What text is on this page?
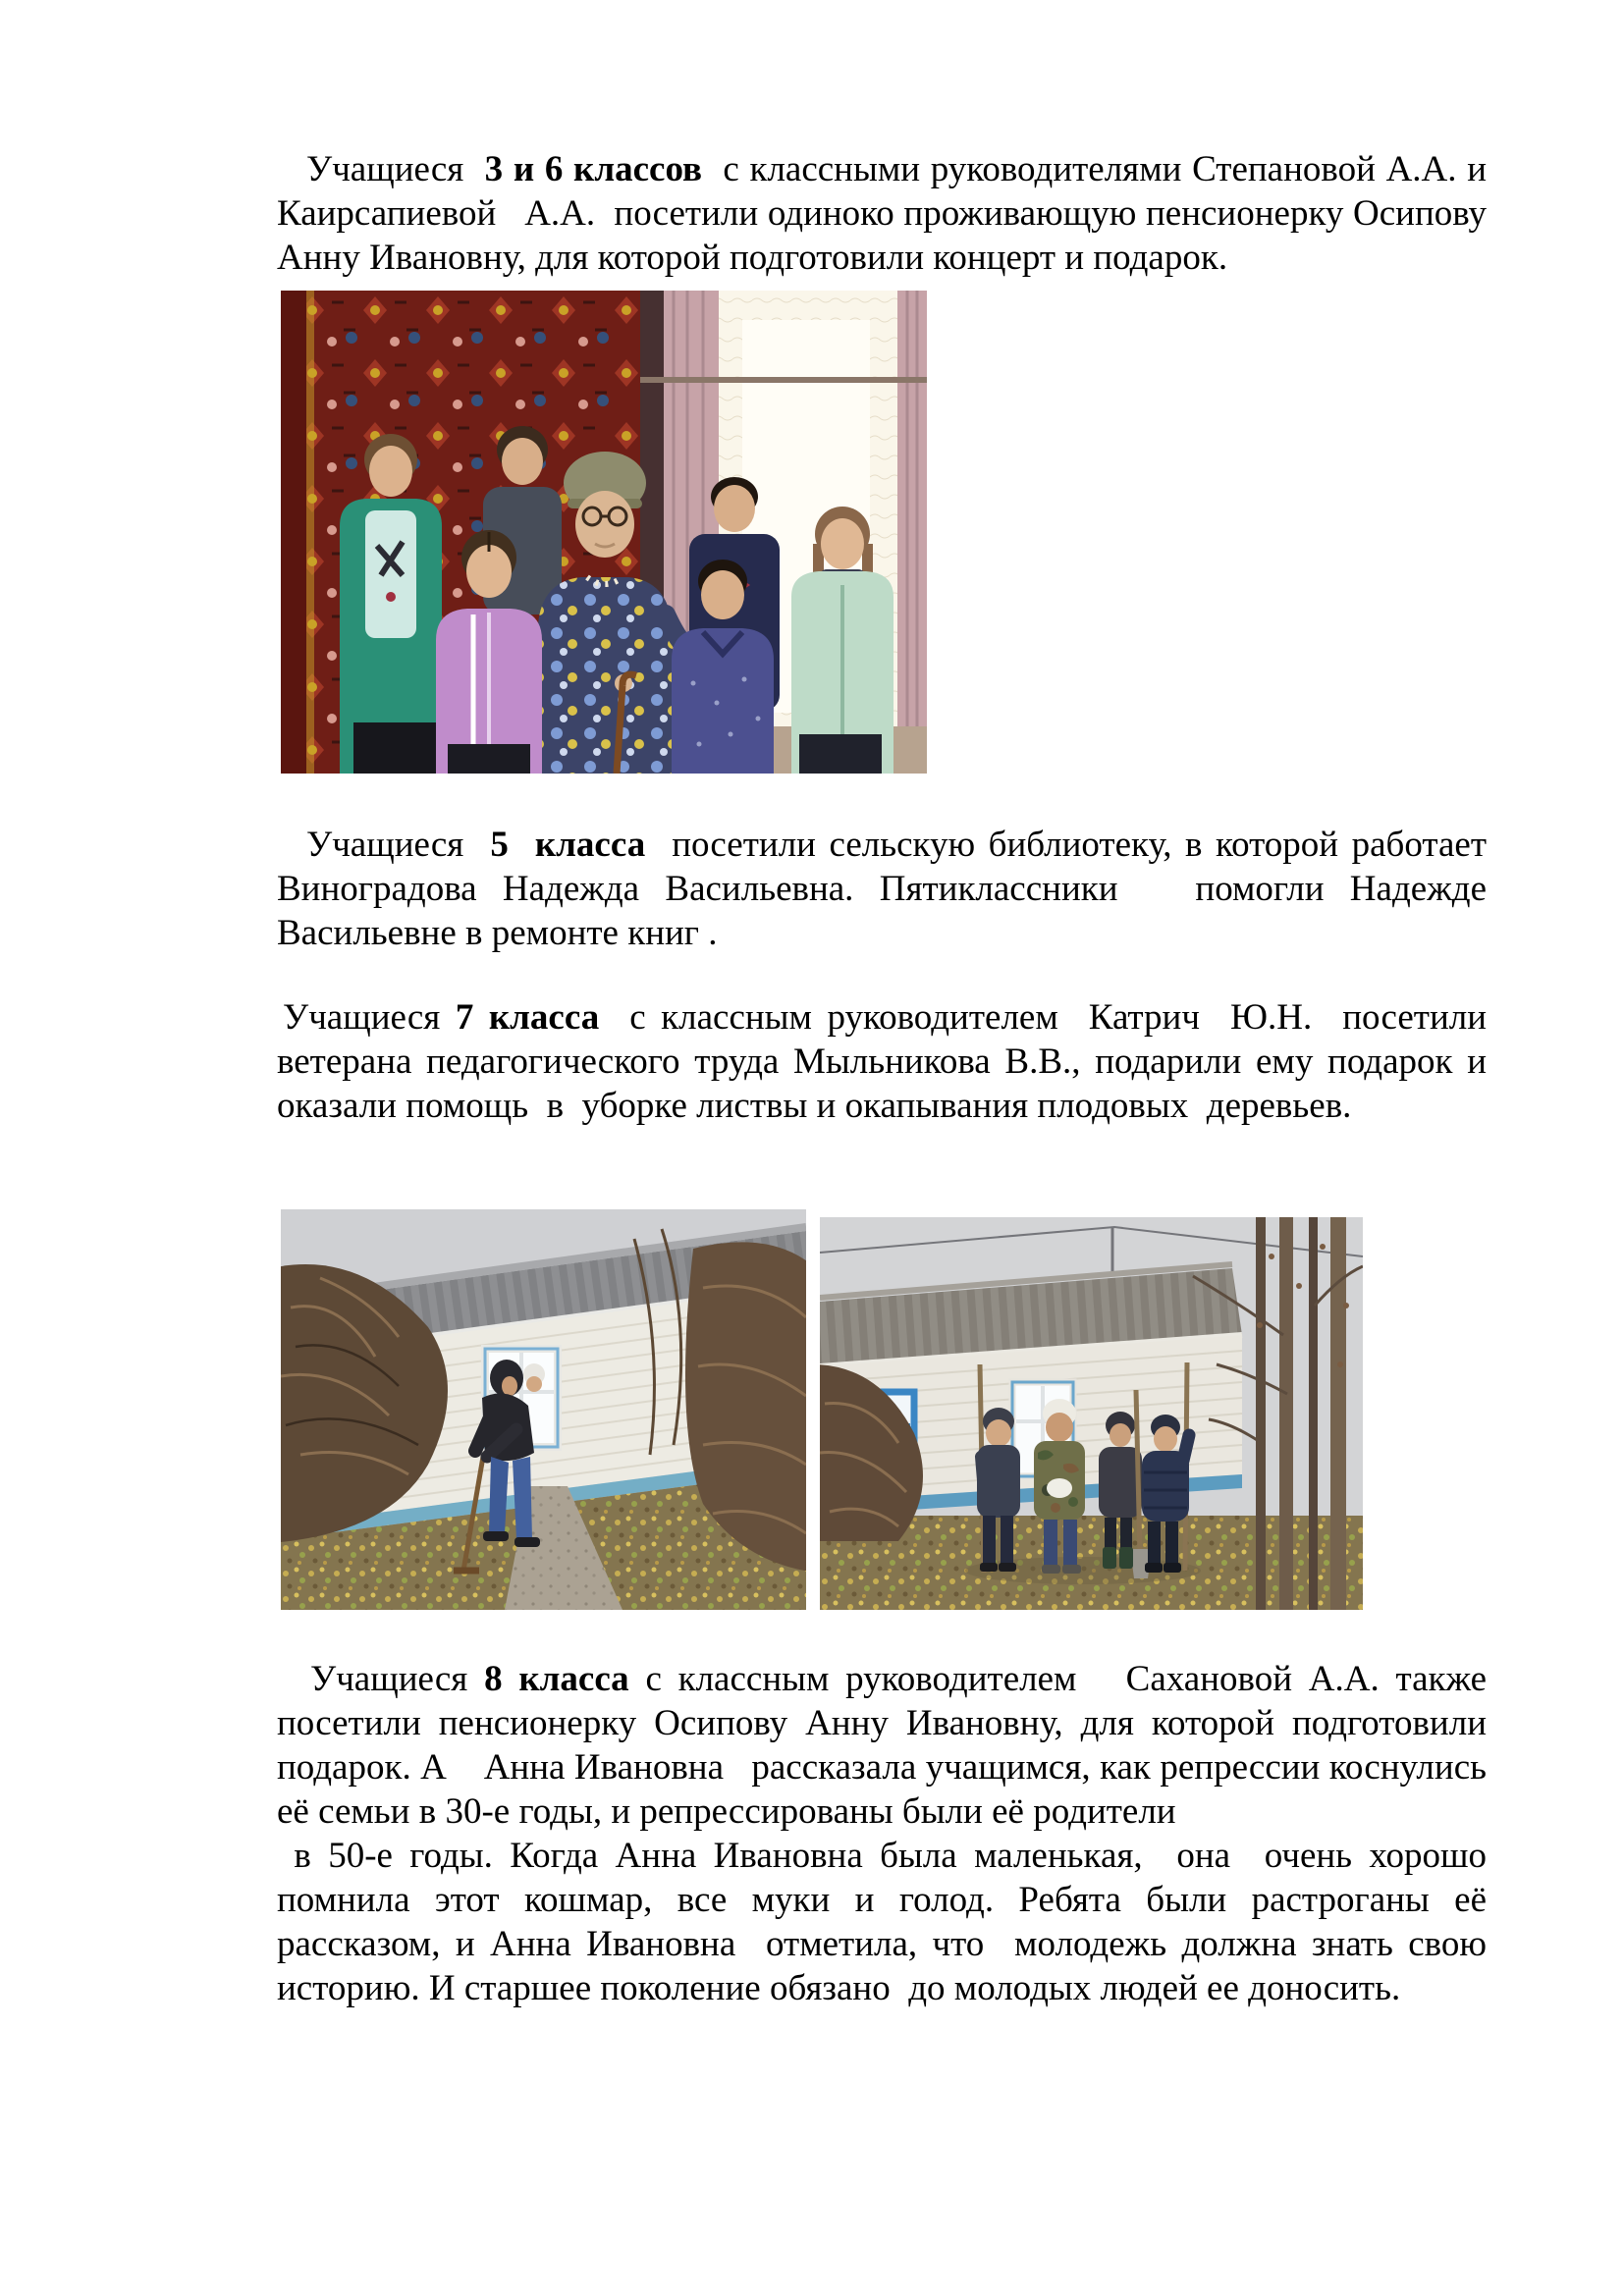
Учащиеся  3 и 6 классов  с классными руководителями Степановой А.А. и Каирсапиевой   А.А.  посетили одиноко проживающую пенсионерку Осипову Анну Ивановну, для которой подготовили концерт и подарок.

Учащиеся  5  класса  посетили сельскую библиотеку, в которой работает Виноградова Надежда Васильевна. Пятиклассники   помогли Надежде Васильевне в ремонте книг .

Учащиеся 7 класса  с классным руководителем  Катрич  Ю.Н.  посетили ветерана педагогического труда Мыльникова В.В., подарили ему подарок и оказали помощь  в  уборке листвы и окапывания плодовых  деревьев.

Учащиеся 8 класса с классным руководителем   Сахановой А.А. также посетили пенсионерку Осипову Анну Ивановну, для которой подготовили подарок. А    Анна Ивановна   рассказала учащимся, как репрессии коснулись её семьи в 30-е годы, и репрессированы были её родители
в 50-е годы. Когда Анна Ивановна была маленькая,  она  очень хорошо помнила этот кошмар, все муки и голод. Ребята были растроганы её рассказом, и Анна Ивановна  отметила, что  молодежь должна знать свою историю. И старшее поколение обязано  до молодых людей ее доносить.
